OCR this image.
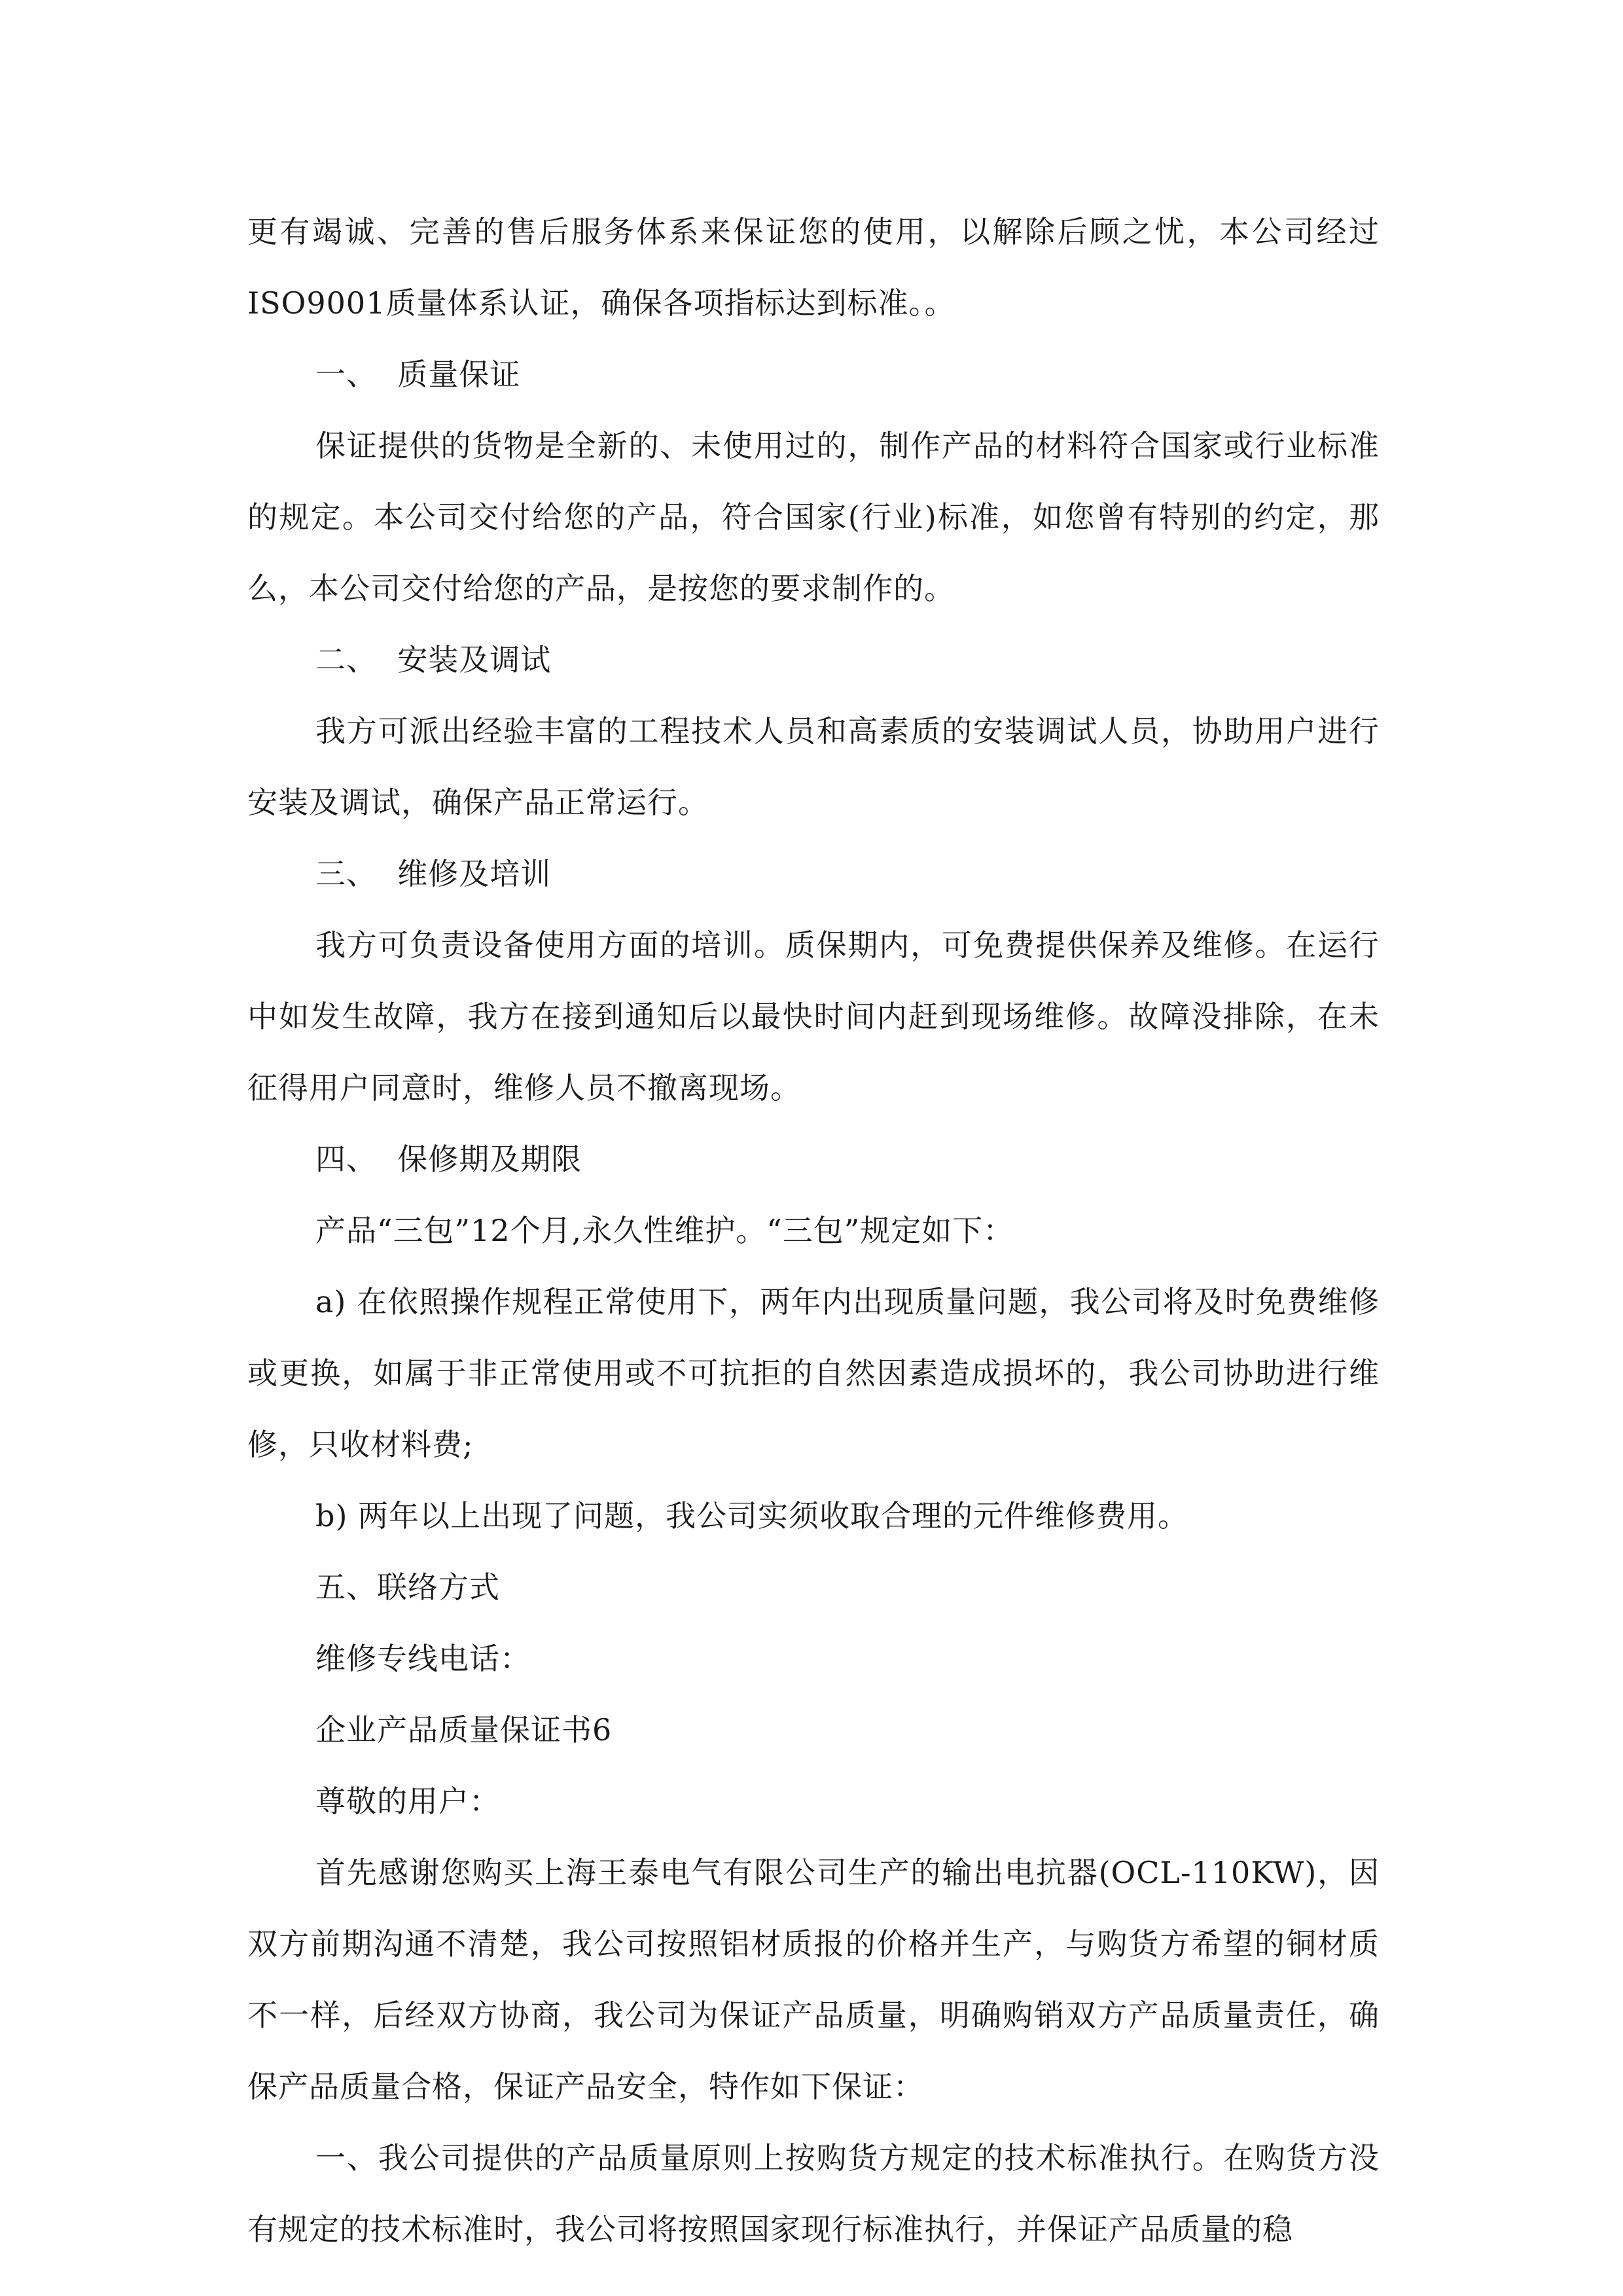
更有竭诚、完善的售后服务体系来保证您的使用，以解除后顾之忧，本公司经过ISO9001质量体系认证，确保各项指标达到标准。。

一、  质量保证

保证提供的货物是全新的、未使用过的，制作产品的材料符合国家或行业标准的规定。本公司交付给您的产品，符合国家(行业)标准，如您曾有特别的约定，那么，本公司交付给您的产品，是按您的要求制作的。

二、  安装及调试

我方可派出经验丰富的工程技术人员和高素质的安装调试人员，协助用户进行安装及调试，确保产品正常运行。

三、  维修及培训

我方可负责设备使用方面的培训。质保期内，可免费提供保养及维修。在运行中如发生故障，我方在接到通知后以最快时间内赶到现场维修。故障没排除，在未征得用户同意时，维修人员不撤离现场。

四、  保修期及期限

产品“三包”12个月,永久性维护。“三包”规定如下：

a) 在依照操作规程正常使用下，两年内出现质量问题，我公司将及时免费维修或更换，如属于非正常使用或不可抗拒的自然因素造成损坏的，我公司协助进行维修，只收材料费;

b) 两年以上出现了问题，我公司实须收取合理的元件维修费用。

五、联络方式

维修专线电话：

企业产品质量保证书6

尊敬的用户：

首先感谢您购买上海王泰电气有限公司生产的输出电抗器(OCL-110KW)，因双方前期沟通不清楚，我公司按照铝材质报的价格并生产，与购货方希望的铜材质不一样，后经双方协商，我公司为保证产品质量，明确购销双方产品质量责任，确保产品质量合格，保证产品安全，特作如下保证：

一、我公司提供的产品质量原则上按购货方规定的技术标准执行。在购货方没有规定的技术标准时，我公司将按照国家现行标准执行，并保证产品质量的稳
